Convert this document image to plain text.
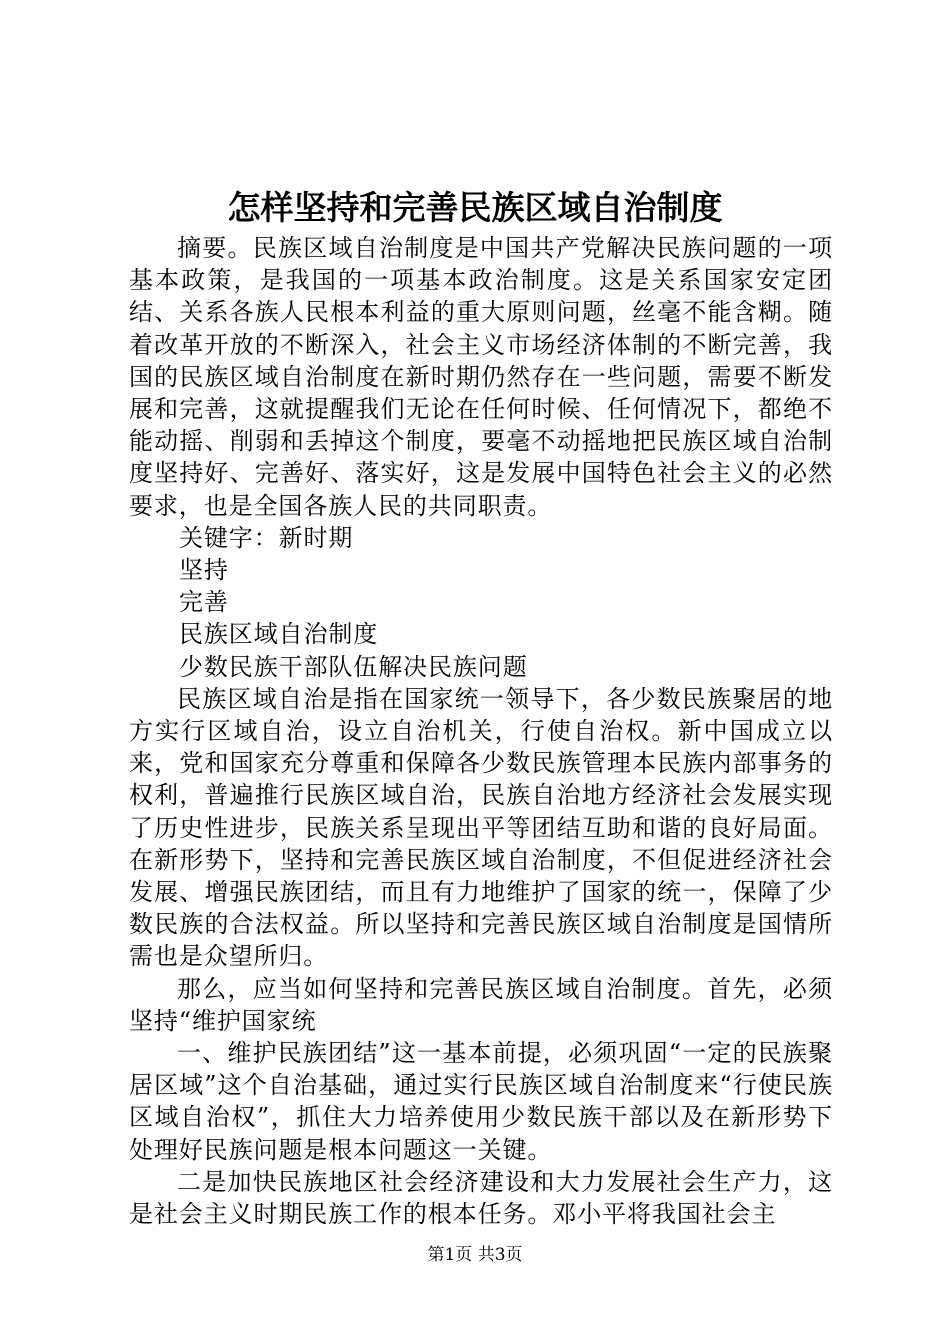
怎样坚持和完善民族区域自治制度

摘要。民族区域自治制度是中国共产党解决民族问题的一项基本政策，是我国的一项基本政治制度。这是关系国家安定团结、关系各族人民根本利益的重大原则问题，丝毫不能含糊。随着改革开放的不断深入，社会主义市场经济体制的不断完善，我国的民族区域自治制度在新时期仍然存在一些问题，需要不断发展和完善，这就提醒我们无论在任何时候、任何情况下，都绝不能动摇、削弱和丢掉这个制度，要毫不动摇地把民族区域自治制度坚持好、完善好、落实好，这是发展中国特色社会主义的必然要求，也是全国各族人民的共同职责。

关键字：新时期

坚持

完善

民族区域自治制度

少数民族干部队伍解决民族问题

民族区域自治是指在国家统一领导下，各少数民族聚居的地方实行区域自治，设立自治机关，行使自治权。新中国成立以来，党和国家充分尊重和保障各少数民族管理本民族内部事务的权利，普遍推行民族区域自治，民族自治地方经济社会发展实现了历史性进步，民族关系呈现出平等团结互助和谐的良好局面。在新形势下，坚持和完善民族区域自治制度，不但促进经济社会发展、增强民族团结，而且有力地维护了国家的统一，保障了少数民族的合法权益。所以坚持和完善民族区域自治制度是国情所需也是众望所归。

那么，应当如何坚持和完善民族区域自治制度。首先，必须坚持“维护国家统

一、维护民族团结”这一基本前提，必须巩固“一定的民族聚居区域”这个自治基础，通过实行民族区域自治制度来“行使民族区域自治权”，抓住大力培养使用少数民族干部以及在新形势下处理好民族问题是根本问题这一关键。

二是加快民族地区社会经济建设和大力发展社会生产力，这是社会主义时期民族工作的根本任务。邓小平将我国社会主

第1页 共3页
